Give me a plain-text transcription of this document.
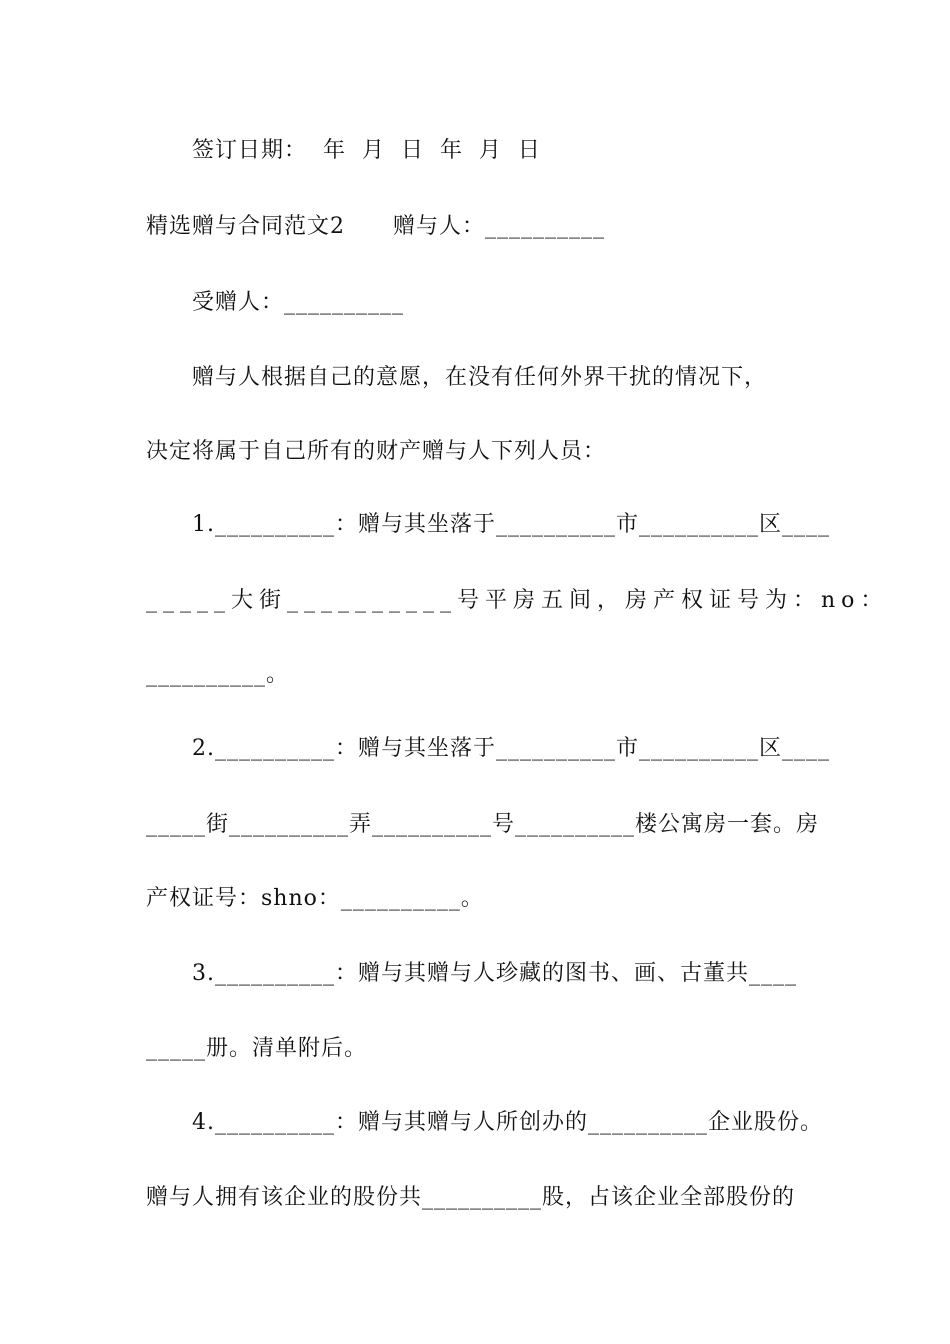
签订日期：  年  月  日  年  月  日
精选赠与合同范文2      赠与人：__________
受赠人：__________
赠与人根据自己的意愿，在没有任何外界干扰的情况下，
决定将属于自己所有的财产赠与人下列人员：
1.__________：赠与其坐落于__________市__________区____
_____大街__________号平房五间，房产权证号为：no：
__________。
2.__________：赠与其坐落于__________市__________区____
_____街__________弄__________号__________楼公寓房一套。房
产权证号：shno：__________。
3.__________：赠与其赠与人珍藏的图书、画、古董共____
_____册。清单附后。
4.__________：赠与其赠与人所创办的__________企业股份。
赠与人拥有该企业的股份共__________股，占该企业全部股份的
